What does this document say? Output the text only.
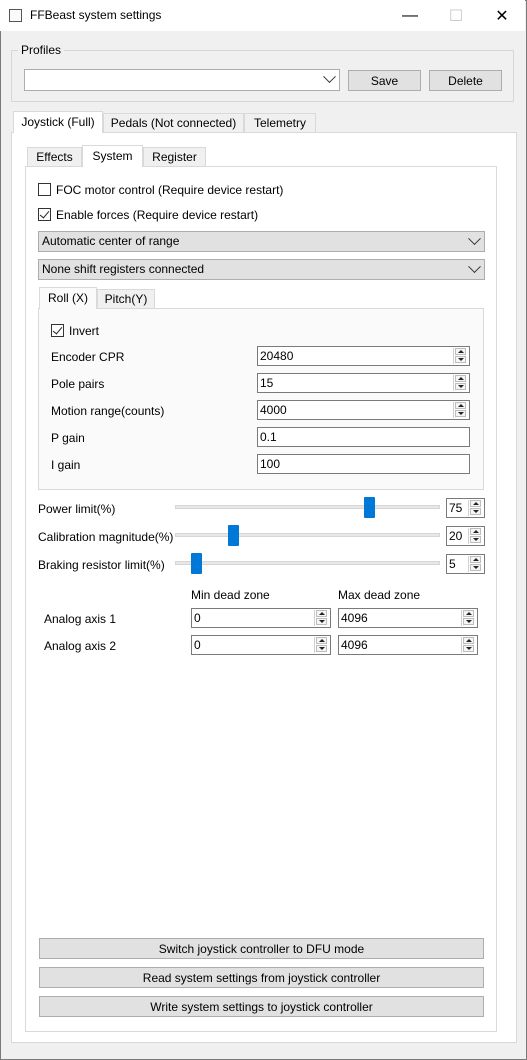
FFBeast system settings	—	☐	✕
Profiles
Save	Delete
Joystick (Full)	Pedals (Not connected)	Telemetry
Effects	System	Register
FOC motor control (Require device restart)
Enable forces (Require device restart)
Automatic center of range
None shift registers connected
Roll (X)	Pitch(Y)
Invert
Encoder CPR	20480
Pole pairs	15
Motion range(counts)	4000
P gain	0.1
I gain	100
Power limit(%)	75
Calibration magnitude(%)	20
Braking resistor limit(%)	5
Min dead zone	Max dead zone
Analog axis 1	0	4096
Analog axis 2	0	4096
Switch joystick controller to DFU mode
Read system settings from joystick controller
Write system settings to joystick controller
